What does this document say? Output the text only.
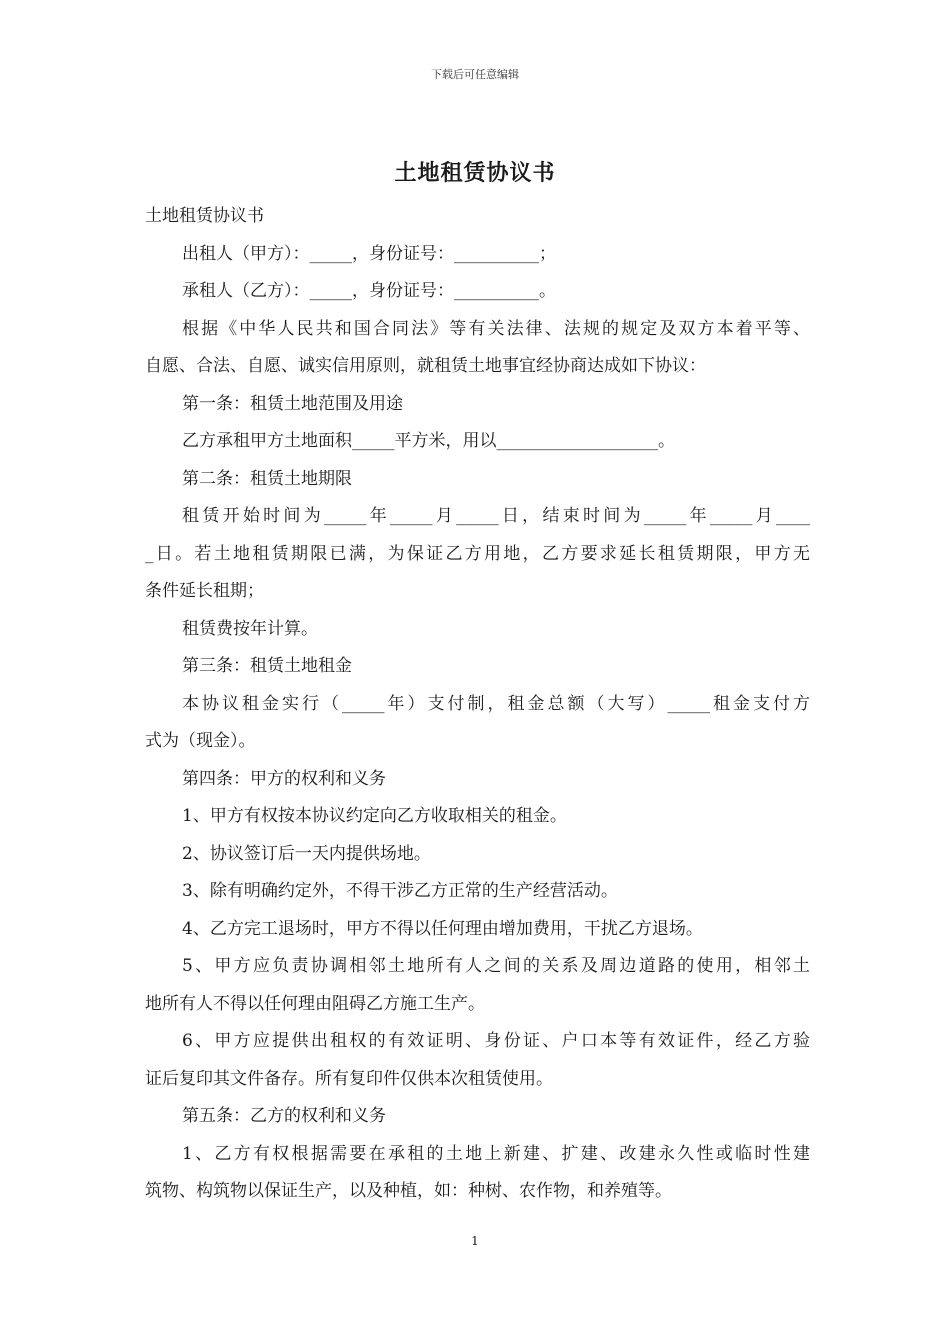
下载后可任意编辑
土地租赁协议书
土地租赁协议书
出租人（甲方）：_____，身份证号：__________；
承租人（乙方）：_____，身份证号：__________。
根据《中华人民共和国合同法》等有关法律、法规的规定及双方本着平等、
自愿、合法、自愿、诚实信用原则，就租赁土地事宜经协商达成如下协议：
第一条：租赁土地范围及用途
乙方承租甲方土地面积_____平方米，用以___________________。
第二条：租赁土地期限
租赁开始时间为_____年_____月_____日，结束时间为_____年_____月____
_日。若土地租赁期限已满，为保证乙方用地，乙方要求延长租赁期限，甲方无
条件延长租期；
租赁费按年计算。
第三条：租赁土地租金
本协议租金实行（_____年）支付制，租金总额（大写）_____租金支付方
式为（现金）。
第四条：甲方的权利和义务
1、甲方有权按本协议约定向乙方收取相关的租金。
2、协议签订后一天内提供场地。
3、除有明确约定外，不得干涉乙方正常的生产经营活动。
4、乙方完工退场时，甲方不得以任何理由增加费用，干扰乙方退场。
5、甲方应负责协调相邻土地所有人之间的关系及周边道路的使用，相邻土
地所有人不得以任何理由阻碍乙方施工生产。
6、甲方应提供出租权的有效证明、身份证、户口本等有效证件，经乙方验
证后复印其文件备存。所有复印件仅供本次租赁使用。
第五条：乙方的权利和义务
1、乙方有权根据需要在承租的土地上新建、扩建、改建永久性或临时性建
筑物、构筑物以保证生产，以及种植，如：种树、农作物，和养殖等。
1
